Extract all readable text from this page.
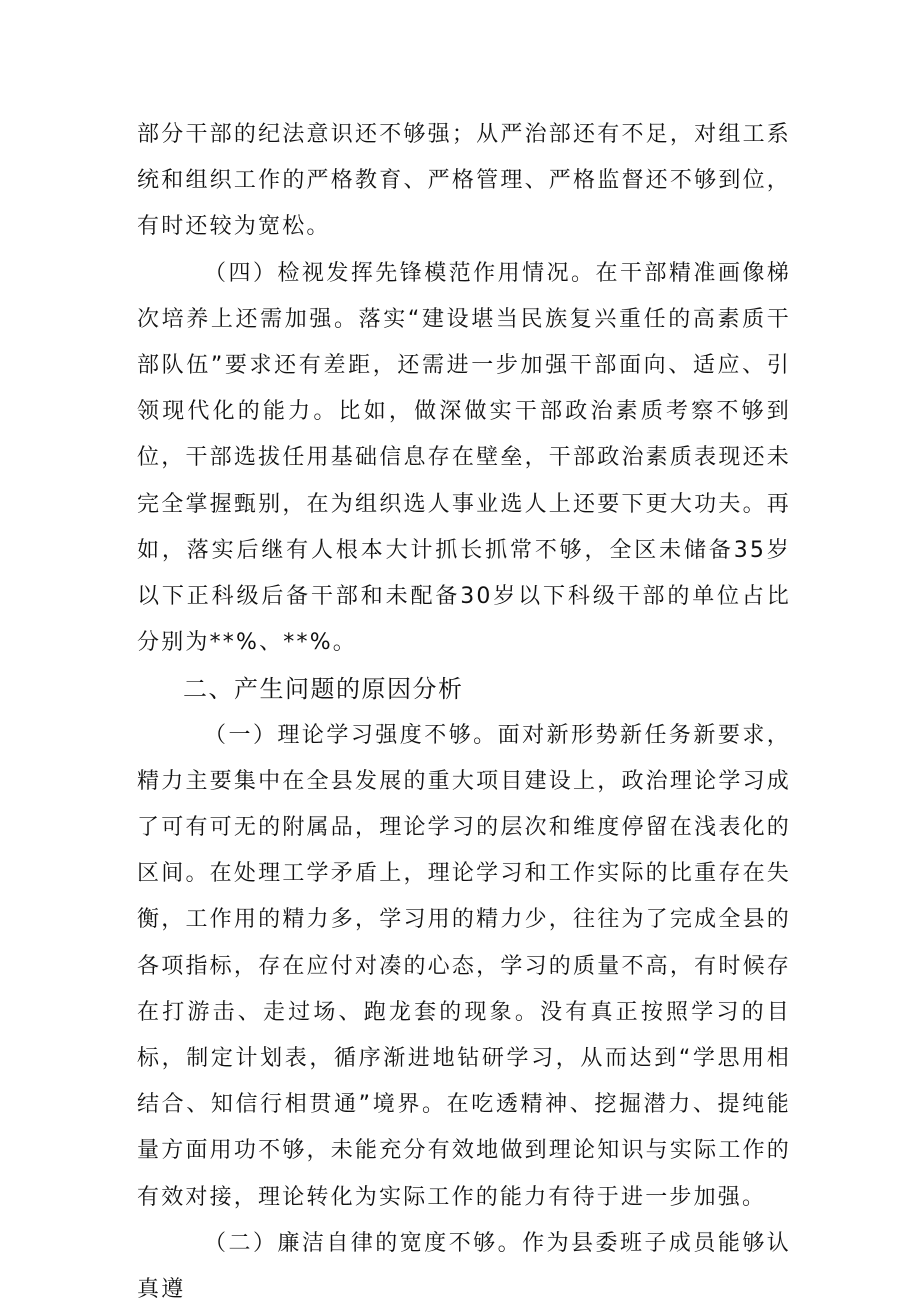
部分干部的纪法意识还不够强；从严治部还有不足，对组工系统和组织工作的严格教育、严格管理、严格监督还不够到位，有时还较为宽松。

（四）检视发挥先锋模范作用情况。在干部精准画像梯次培养上还需加强。落实“建设堪当民族复兴重任的高素质干部队伍”要求还有差距，还需进一步加强干部面向、适应、引领现代化的能力。比如，做深做实干部政治素质考察不够到位，干部选拔任用基础信息存在壁垒，干部政治素质表现还未完全掌握甄别，在为组织选人事业选人上还要下更大功夫。再如，落实后继有人根本大计抓长抓常不够，全区未储备35岁以下正科级后备干部和未配备30岁以下科级干部的单位占比分别为**%、**%。

二、产生问题的原因分析

（一）理论学习强度不够。面对新形势新任务新要求，精力主要集中在全县发展的重大项目建设上，政治理论学习成了可有可无的附属品，理论学习的层次和维度停留在浅表化的区间。在处理工学矛盾上，理论学习和工作实际的比重存在失衡，工作用的精力多，学习用的精力少，往往为了完成全县的各项指标，存在应付对凑的心态，学习的质量不高，有时候存在打游击、走过场、跑龙套的现象。没有真正按照学习的目标，制定计划表，循序渐进地钻研学习，从而达到“学思用相结合、知信行相贯通”境界。在吃透精神、挖掘潜力、提纯能量方面用功不够，未能充分有效地做到理论知识与实际工作的有效对接，理论转化为实际工作的能力有待于进一步加强。

（二）廉洁自律的宽度不够。作为县委班子成员能够认真遵
